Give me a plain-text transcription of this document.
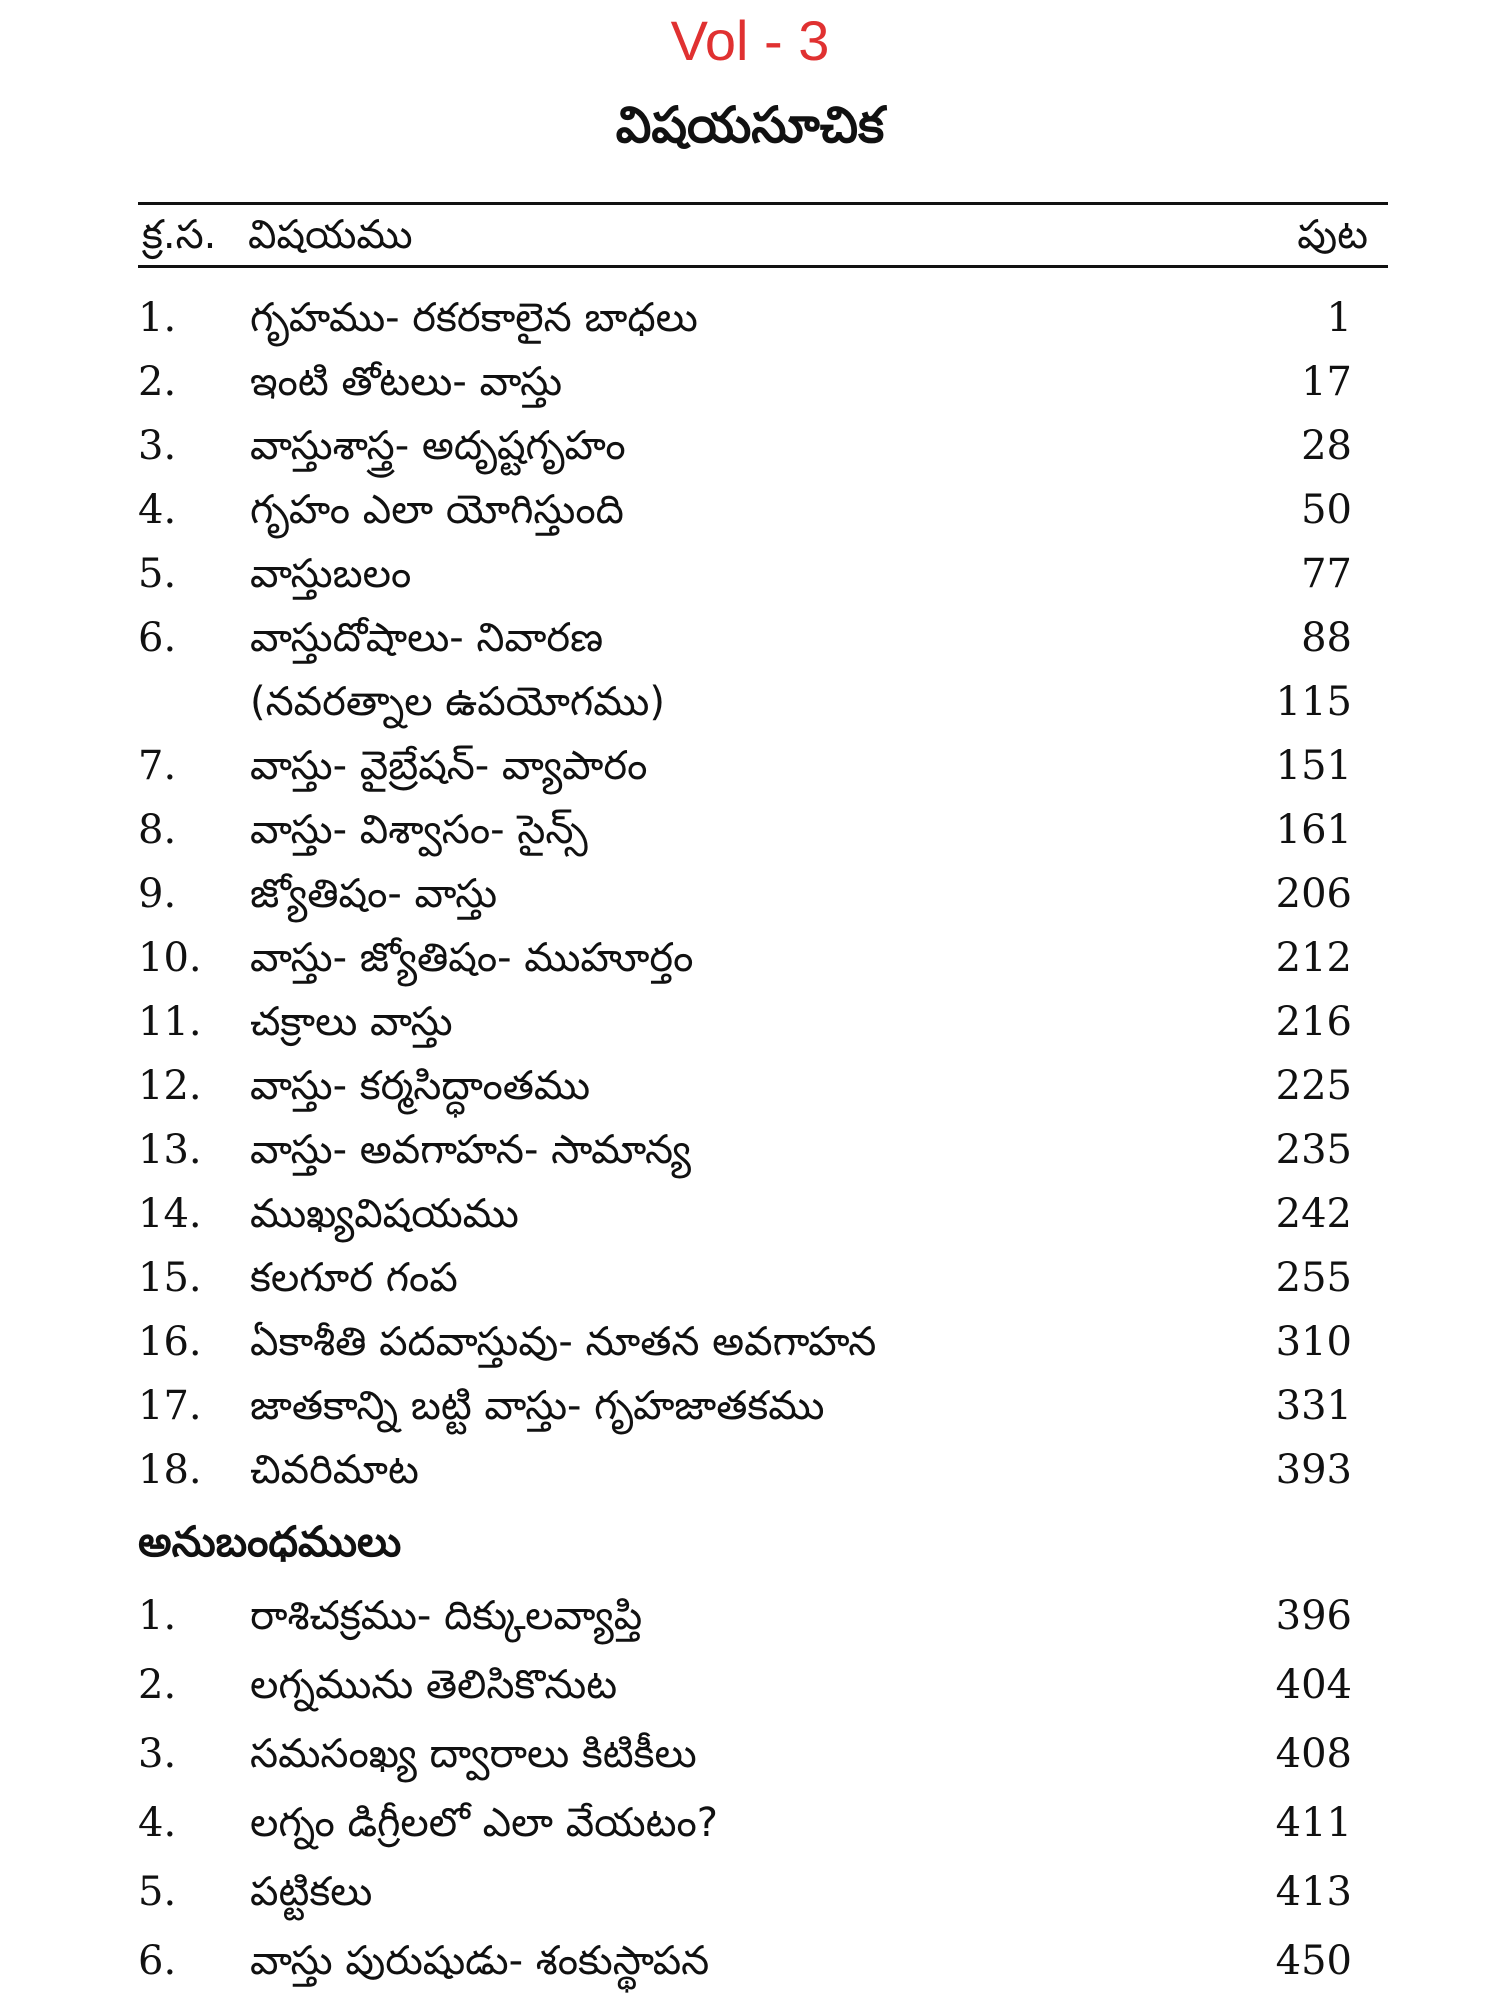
Vol - 3
విషయసూచిక
క్ర.స. విషయము	పుట
1. గృహము- రకరకాలైన బాధలు	1
2. ఇంటి తోటలు- వాస్తు	17
3. వాస్తుశాస్త్ర- అదృష్టగృహం	28
4. గృహం ఎలా యోగిస్తుంది	50
5. వాస్తుబలం	77
6. వాస్తుదోషాలు- నివారణ	88
(నవరత్నాల ఉపయోగము)	115
7. వాస్తు- వైబ్రేషన్- వ్యాపారం	151
8. వాస్తు- విశ్వాసం- సైన్స్	161
9. జ్యోతిషం- వాస్తు	206
10. వాస్తు- జ్యోతిషం- ముహూర్తం	212
11. చక్రాలు వాస్తు	216
12. వాస్తు- కర్మసిద్ధాంతము	225
13. వాస్తు- అవగాహన- సామాన్య	235
14. ముఖ్యవిషయము	242
15. కలగూర గంప	255
16. ఏకాశీతి పదవాస్తువు- నూతన అవగాహన	310
17. జాతకాన్ని బట్టి వాస్తు- గృహజాతకము	331
18. చివరిమాట	393
అనుబంధములు
1. రాశిచక్రము- దిక్కులవ్యాప్తి	396
2. లగ్నమును తెలిసికొనుట	404
3. సమసంఖ్య ద్వారాలు కిటికీలు	408
4. లగ్నం డిగ్రీలలో ఎలా వేయటం?	411
5. పట్టికలు	413
6. వాస్తు పురుషుడు- శంకుస్థాపన	450
